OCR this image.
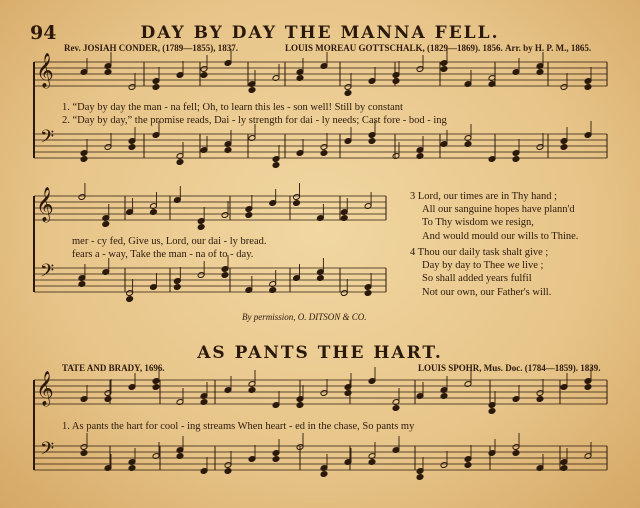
94	DAY BY DAY THE MANNA FELL.
Rev. JOSIAH CONDER, (1789—1855), 1837.	LOUIS MOREAU GOTTSCHALK, (1829—1869). 1856. Arr. by H. P. M., 1865.
1. “Day by day the man - na fell; Oh, to learn this les - son well! Still by constant
2. “Day by day,” the promise reads, Dai - ly strength for dai - ly needs; Cast fore - bod - ing
mer - cy fed, Give us, Lord, our dai - ly bread.
fears a - way, Take the man - na of to - day.
3 Lord, our times are in Thy hand ;
All our sanguine hopes have plann'd
To Thy wisdom we resign,
And would mould our wills to Thine.
4 Thou our daily task shalt give ;
Day by day to Thee we live ;
So shall added years fulfil
Not our own, our Father's will.
By permission, O. DITSON & CO.
AS PANTS THE HART.
TATE AND BRADY, 1696.	LOUIS SPOHR, Mus. Doc. (1784—1859). 1839.
1. As pants the hart for cool - ing streams When heart - ed in the chase, So pants my
𝄞
𝄢
𝄞
𝄢
𝄞
𝄢
